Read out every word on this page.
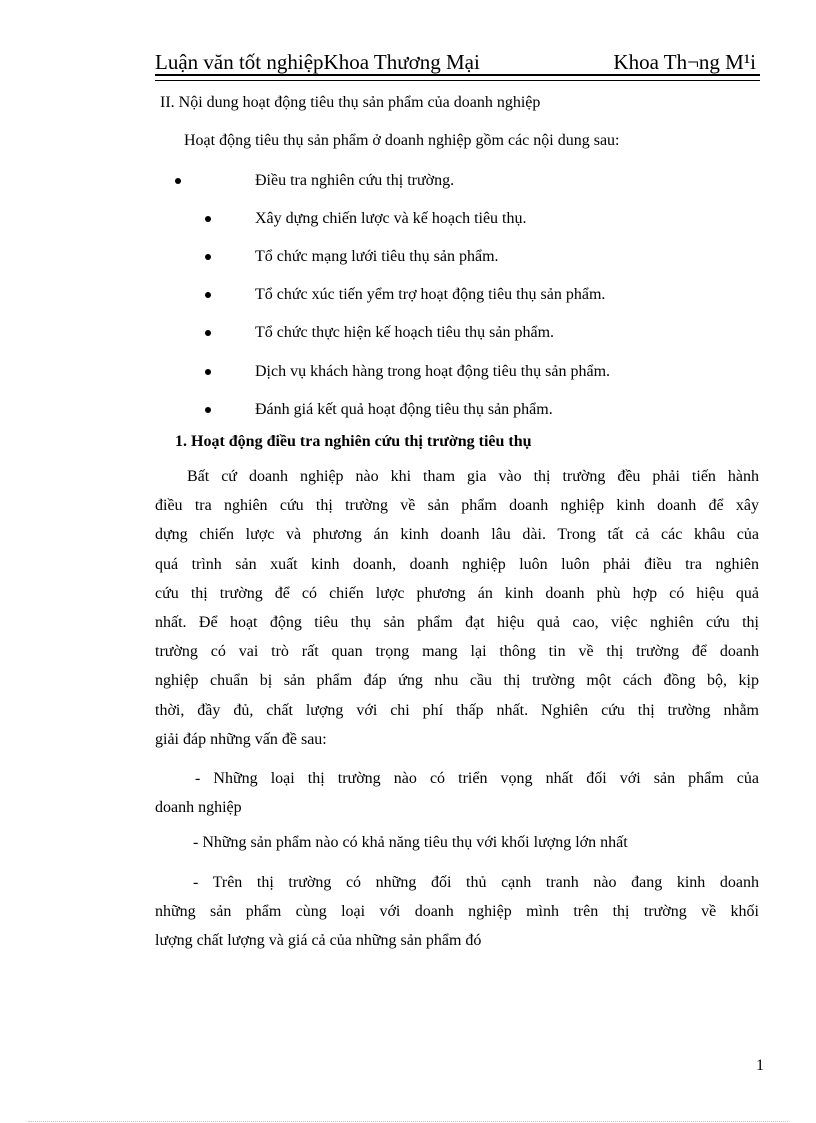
Luận văn tốt nghiệpKhoa Thương Mại	Khoa Th¬ng M¹i
II. Nội dung hoạt động tiêu thụ sản phẩm của doanh nghiệp
Hoạt động tiêu thụ sản phẩm ở doanh nghiệp gồm các nội dung sau:
Điều tra nghiên cứu thị trường.
Xây dựng chiến lược và kế hoạch tiêu thụ.
Tổ chức mạng lưới tiêu thụ sản phẩm.
Tổ chức xúc tiến yểm trợ hoạt động tiêu thụ sản phẩm.
Tổ chức thực hiện kế hoạch tiêu thụ sản phẩm.
Dịch vụ khách hàng trong hoạt động tiêu thụ sản phẩm.
Đánh giá kết quả hoạt động tiêu thụ sản phẩm.
1. Hoạt động điều tra nghiên cứu thị trường tiêu thụ
Bất cứ doanh nghiệp nào khi tham gia vào thị trường đều phải tiến hành
điều tra nghiên cứu thị trường về sản phẩm doanh nghiệp kinh doanh để xây
dựng chiến lược và phương án kinh doanh lâu dài. Trong tất cả các khâu của
quá trình sản xuất kinh doanh, doanh nghiệp luôn luôn phải điều tra nghiên
cứu thị trường để có chiến lược phương án kinh doanh phù hợp có hiệu quả
nhất. Để hoạt động tiêu thụ sản phẩm đạt hiệu quả cao, việc nghiên cứu thị
trường có vai trò rất quan trọng mang lại thông tin về thị trường để doanh
nghiệp chuẩn bị sản phẩm đáp ứng nhu cầu thị trường một cách đồng bộ, kịp
thời, đầy đủ, chất lượng với chi phí thấp nhất. Nghiên cứu thị trường nhằm
giải đáp những vấn đề sau:
- Những loại thị trường nào có triển vọng nhất đối với sản phẩm của
doanh nghiệp
- Những sản phẩm nào có khả năng tiêu thụ với khối lượng lớn nhất
- Trên thị trường có những đối thủ cạnh tranh nào đang kinh doanh
những sản phẩm cùng loại với doanh nghiệp mình trên thị trường về khối
lượng chất lượng và giá cả của những sản phẩm đó
1
